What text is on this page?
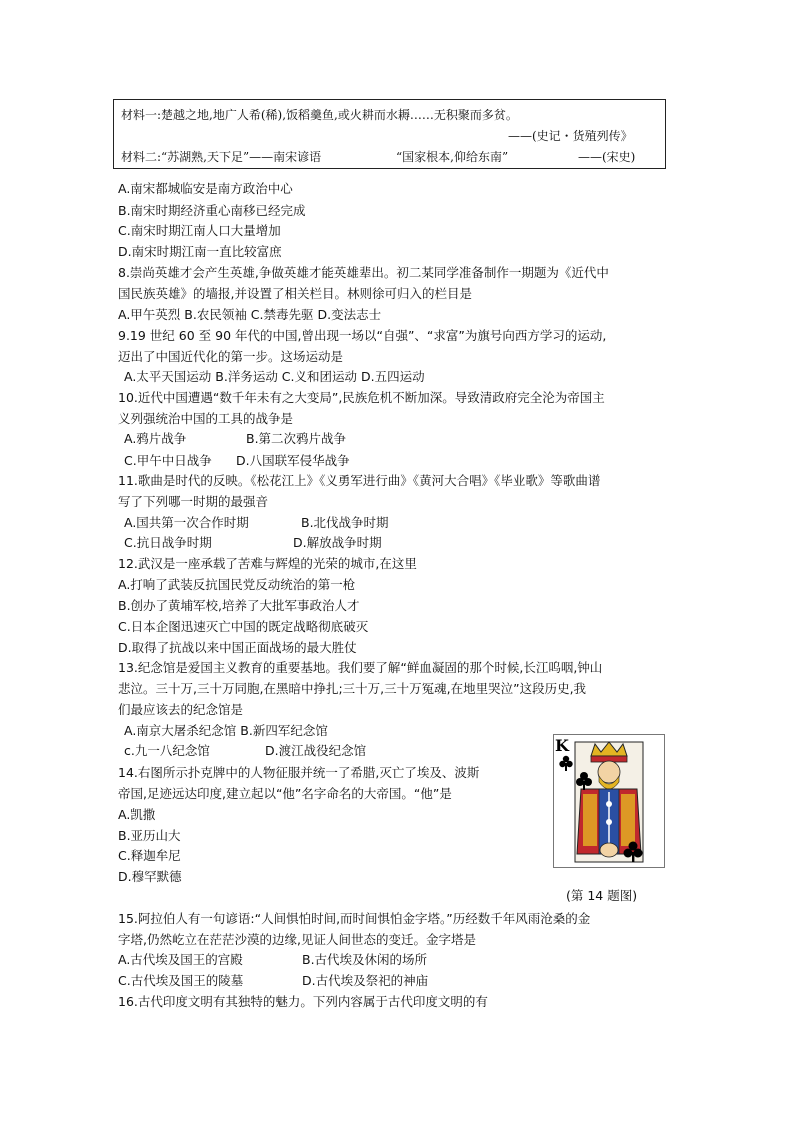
材料一:楚越之地,地广人希(稀),饭稻羹鱼,或火耕而水耨……无积聚而多贫。
——(史记・货殖列传》
材料二:“苏湖熟,天下足”——南宋谚语	“国家根本,仰给东南”	——(宋史)
A.南宋都城临安是南方政治中心
B.南宋时期经济重心南移已经完成
C.南宋时期江南人口大量增加
D.南宋时期江南一直比较富庶
8.崇尚英雄才会产生英雄,争做英雄才能英雄辈出。初二某同学准备制作一期题为《近代中
国民族英雄》的墙报,并设置了相关栏目。林则徐可归入的栏目是
A.甲午英烈 B.农民领袖 C.禁毒先驱 D.变法志士
9.19 世纪 60 至 90 年代的中国,曾出现一场以“自强”、“求富”为旗号向西方学习的运动,
迈出了中国近代化的第一步。这场运动是
A.太平天国运动 B.洋务运动 C.义和团运动 D.五四运动
10.近代中国遭遇“数千年未有之大变局”,民族危机不断加深。导致清政府完全沦为帝国主
义列强统治中国的工具的战争是
A.鸦片战争	B.第二次鸦片战争
C.甲午中日战争 D.八国联军侵华战争
11.歌曲是时代的反映。《松花江上》《义勇军进行曲》《黄河大合唱》《毕业歌》等歌曲谱
写了下列哪一时期的最强音
A.国共第一次合作时期	B.北伐战争时期
C.抗日战争时期	D.解放战争时期
12.武汉是一座承载了苦难与辉煌的光荣的城市,在这里
A.打响了武装反抗国民党反动统治的第一枪
B.创办了黄埔军校,培养了大批军事政治人才
C.日本企图迅速灭亡中国的既定战略彻底破灭
D.取得了抗战以来中国正面战场的最大胜仗
13.纪念馆是爱国主义教育的重要基地。我们要了解“鲜血凝固的那个时候,长江呜咽,钟山
悲泣。三十万,三十万同胞,在黑暗中挣扎;三十万,三十万冤魂,在地里哭泣”这段历史,我
们最应该去的纪念馆是
A.南京大屠杀纪念馆 B.新四军纪念馆
c.九一八纪念馆	D.渡江战役纪念馆
14.右图所示扑克牌中的人物征服并统一了希腊,灭亡了埃及、波斯
帝国,足迹远达印度,建立起以“他”名字命名的大帝国。“他”是
A.凯撒
B.亚历山大
C.释迦牟尼
D.穆罕默德
K
(第 14 题图)
15.阿拉伯人有一句谚语:“人间惧怕时间,而时间惧怕金字塔。”历经数千年风雨沧桑的金
字塔,仍然屹立在茫茫沙漠的边缘,见证人间世态的变迁。金字塔是
A.古代埃及国王的宫殿	B.古代埃及休闲的场所
C.古代埃及国王的陵墓	D.古代埃及祭祀的神庙
16.古代印度文明有其独特的魅力。下列内容属于古代印度文明的有
